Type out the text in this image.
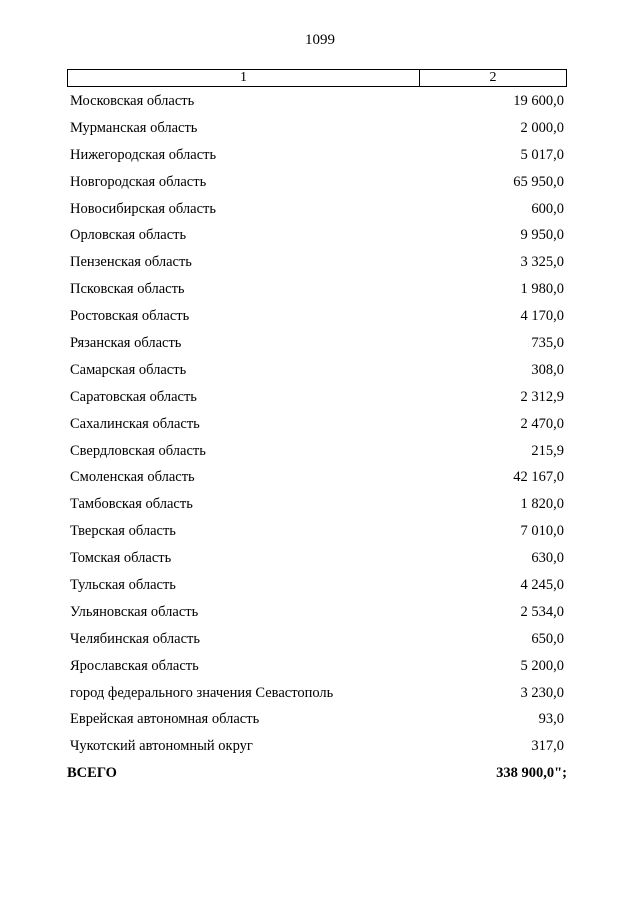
1099
1	2
Московская область	19 600,0
Мурманская область	2 000,0
Нижегородская область	5 017,0
Новгородская область	65 950,0
Новосибирская область	600,0
Орловская область	9 950,0
Пензенская область	3 325,0
Псковская область	1 980,0
Ростовская область	4 170,0
Рязанская область	735,0
Самарская область	308,0
Саратовская область	2 312,9
Сахалинская область	2 470,0
Свердловская область	215,9
Смоленская область	42 167,0
Тамбовская область	1 820,0
Тверская область	7 010,0
Томская область	630,0
Тульская область	4 245,0
Ульяновская область	2 534,0
Челябинская область	650,0
Ярославская область	5 200,0
город федерального значения Севастополь	3 230,0
Еврейская автономная область	93,0
Чукотский автономный округ	317,0
ВСЕГО	338 900,0";
